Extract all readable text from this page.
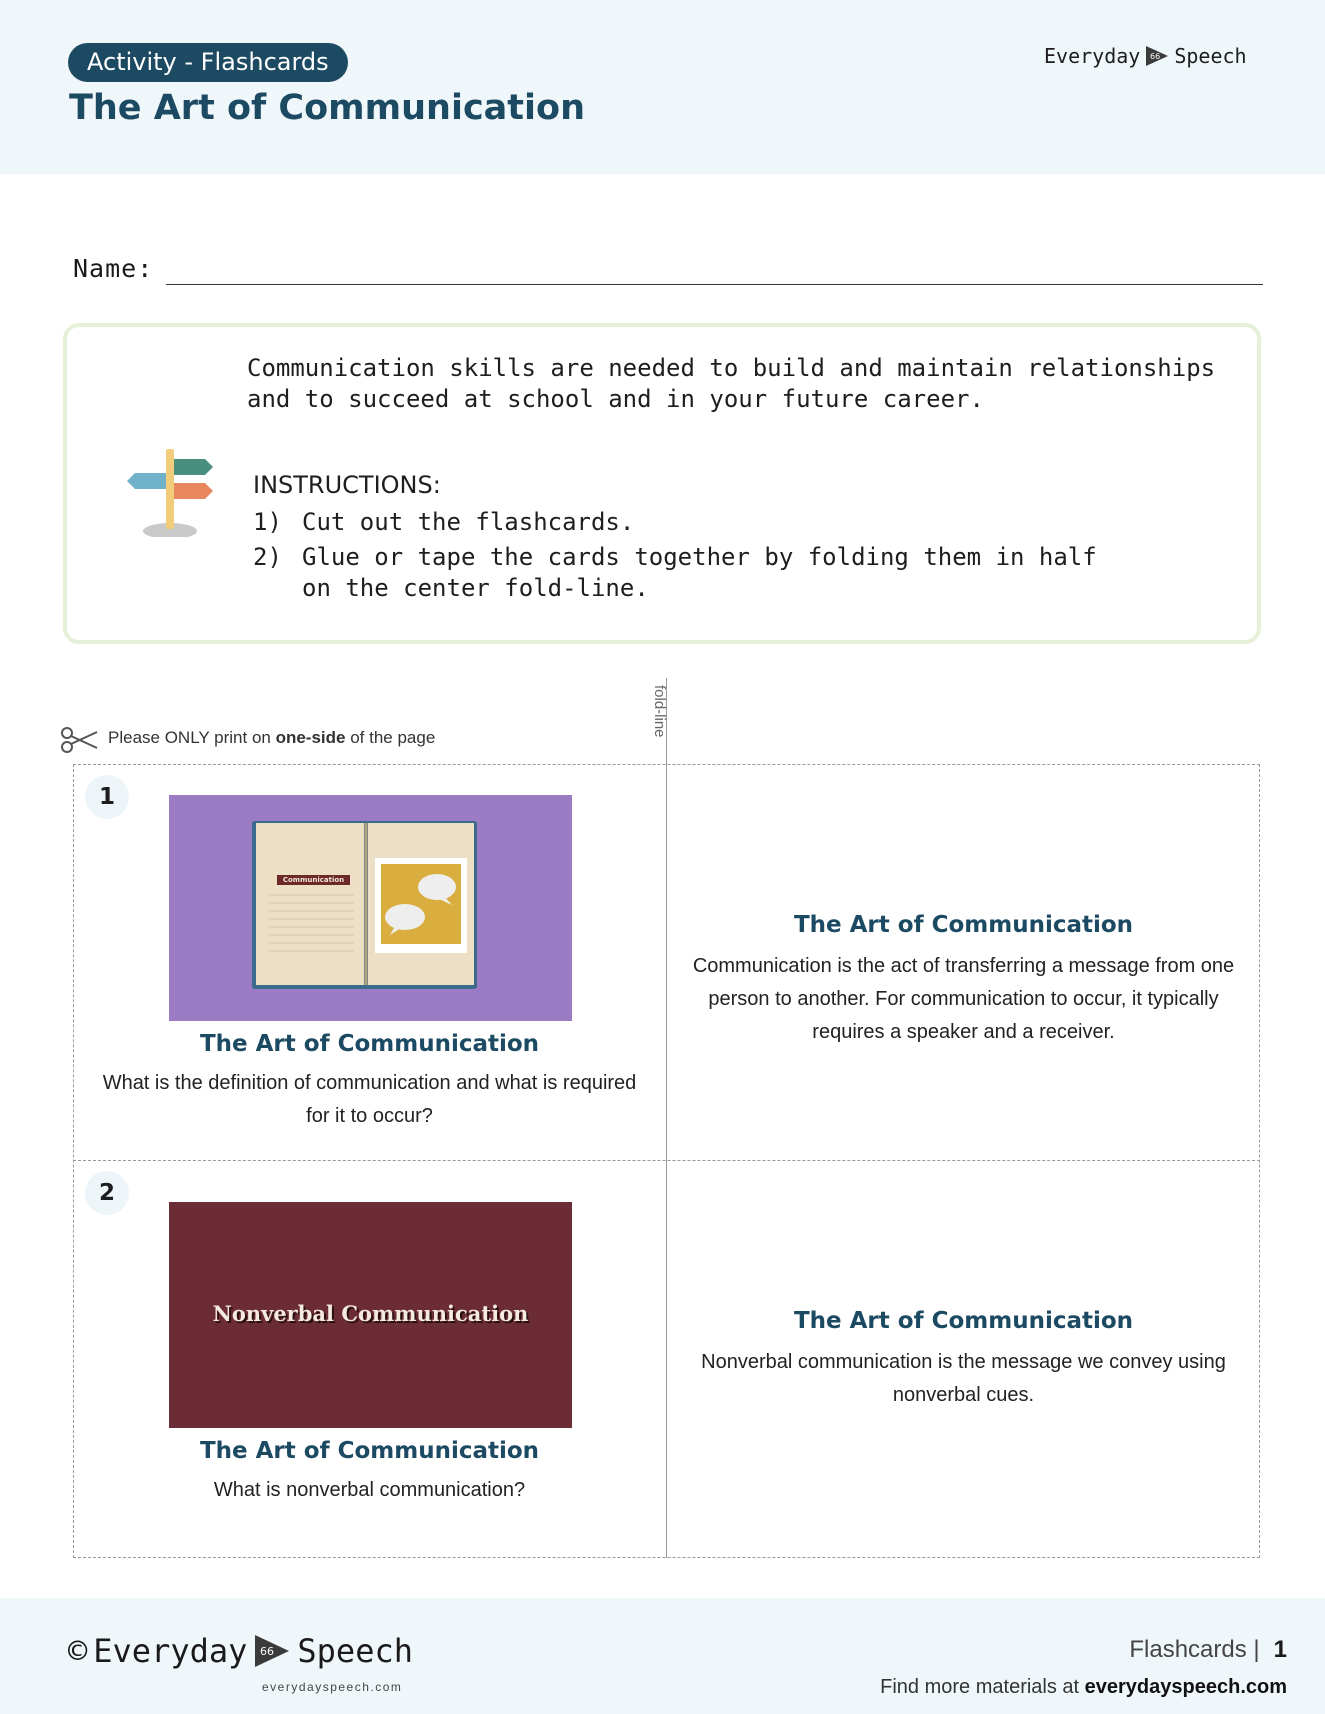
Activity - Flashcards
The Art of Communication
Everyday 66 Speech
Name:
Communication skills are needed to build and maintain relationships and to succeed at school and in your future career.
INSTRUCTIONS:
1) Cut out the flashcards.
2) Glue or tape the cards together by folding them in half on the center fold-line.
Please ONLY print on one-side of the page	fold-line
1
Communication
The Art of Communication
What is the definition of communication and what is required for it to occur?
The Art of Communication
Communication is the act of transferring a message from one person to another. For communication to occur, it typically requires a speaker and a receiver.
2
Nonverbal Communication
The Art of Communication
What is nonverbal communication?
The Art of Communication
Nonverbal communication is the message we convey using nonverbal cues.
© Everyday 66 Speech
everydayspeech.com
Flashcards | 1
Find more materials at everydayspeech.com
